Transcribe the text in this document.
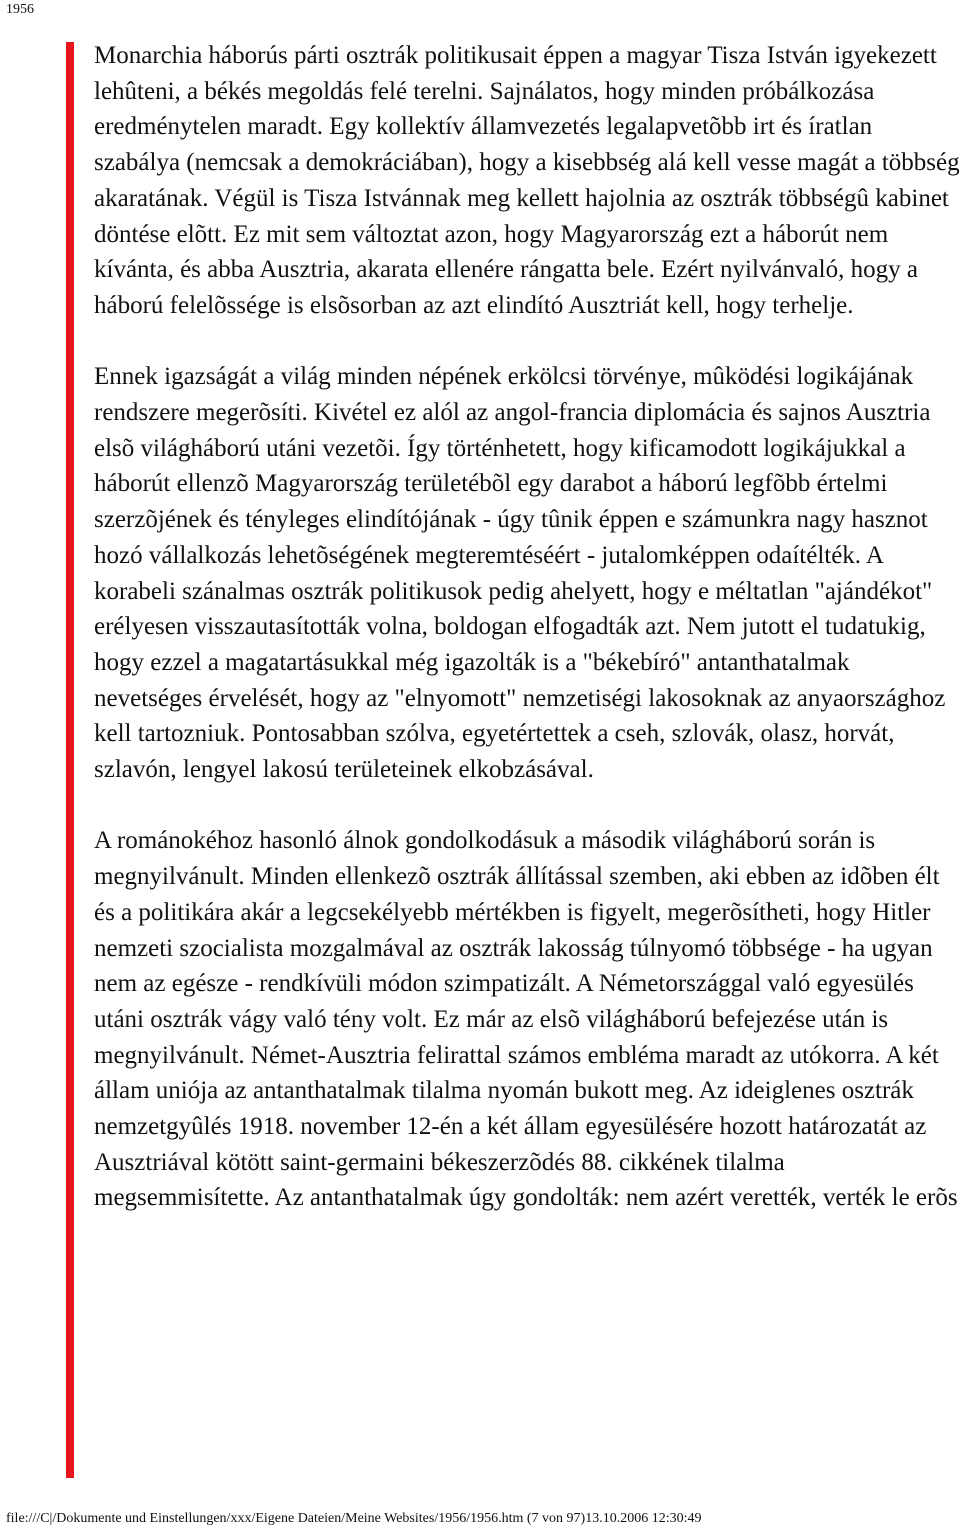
1956

Monarchia háborús párti osztrák politikusait éppen a magyar Tisza István igyekezett lehûteni, a békés megoldás felé terelni. Sajnálatos, hogy minden próbálkozása eredménytelen maradt. Egy kollektív államvezetés legalapvetõbb irt és íratlan szabálya (nemcsak a demokráciában), hogy a kisebbség alá kell vesse magát a többség akaratának. Végül is Tisza Istvánnak meg kellett hajolnia az osztrák többségû kabinet döntése elõtt. Ez mit sem változtat azon, hogy Magyarország ezt a háborút nem kívánta, és abba Ausztria, akarata ellenére rángatta bele. Ezért nyilvánvaló, hogy a háború felelõssége is elsõsorban az azt elindító Ausztriát kell, hogy terhelje.

Ennek igazságát a világ minden népének erkölcsi törvénye, mûködési logikájának rendszere megerõsíti. Kivétel ez alól az angol-francia diplomácia és sajnos Ausztria elsõ világháború utáni vezetõi. Így történhetett, hogy kificamodott logikájukkal a háborút ellenzõ Magyarország területébõl egy darabot a háború legfõbb értelmi szerzõjének és tényleges elindítójának - úgy tûnik éppen e számunkra nagy hasznot hozó vállalkozás lehetõségének megteremtéséért - jutalomképpen odaítélték. A korabeli szánalmas osztrák politikusok pedig ahelyett, hogy e méltatlan "ajándékot" erélyesen visszautasították volna, boldogan elfogadták azt. Nem jutott el tudatukig, hogy ezzel a magatartásukkal még igazolták is a "békebíró" antanthatalmak nevetséges érvelését, hogy az "elnyomott" nemzetiségi lakosoknak az anyaországhoz kell tartozniuk. Pontosabban szólva, egyetértettek a cseh, szlovák, olasz, horvát, szlavón, lengyel lakosú területeinek elkobzásával.

A románokéhoz hasonló álnok gondolkodásuk a második világháború során is megnyilvánult. Minden ellenkezõ osztrák állítással szemben, aki ebben az idõben élt és a politikára akár a legcsekélyebb mértékben is figyelt, megerõsítheti, hogy Hitler nemzeti szocialista mozgalmával az osztrák lakosság túlnyomó többsége - ha ugyan nem az egésze - rendkívüli módon szimpatizált. A Németországgal való egyesülés utáni osztrák vágy való tény volt. Ez már az elsõ világháború befejezése után is megnyilvánult. Német-Ausztria felirattal számos embléma maradt az utókorra. A két állam uniója az antanthatalmak tilalma nyomán bukott meg. Az ideiglenes osztrák nemzetgyûlés 1918. november 12-én a két állam egyesülésére hozott határozatát az Ausztriával kötött saint-germaini békeszerzõdés 88. cikkének tilalma megsemmisítette. Az antanthatalmak úgy gondolták: nem azért verették, verték le erõs

file:///C|/Dokumente und Einstellungen/xxx/Eigene Dateien/Meine Websites/1956/1956.htm (7 von 97)13.10.2006 12:30:49
